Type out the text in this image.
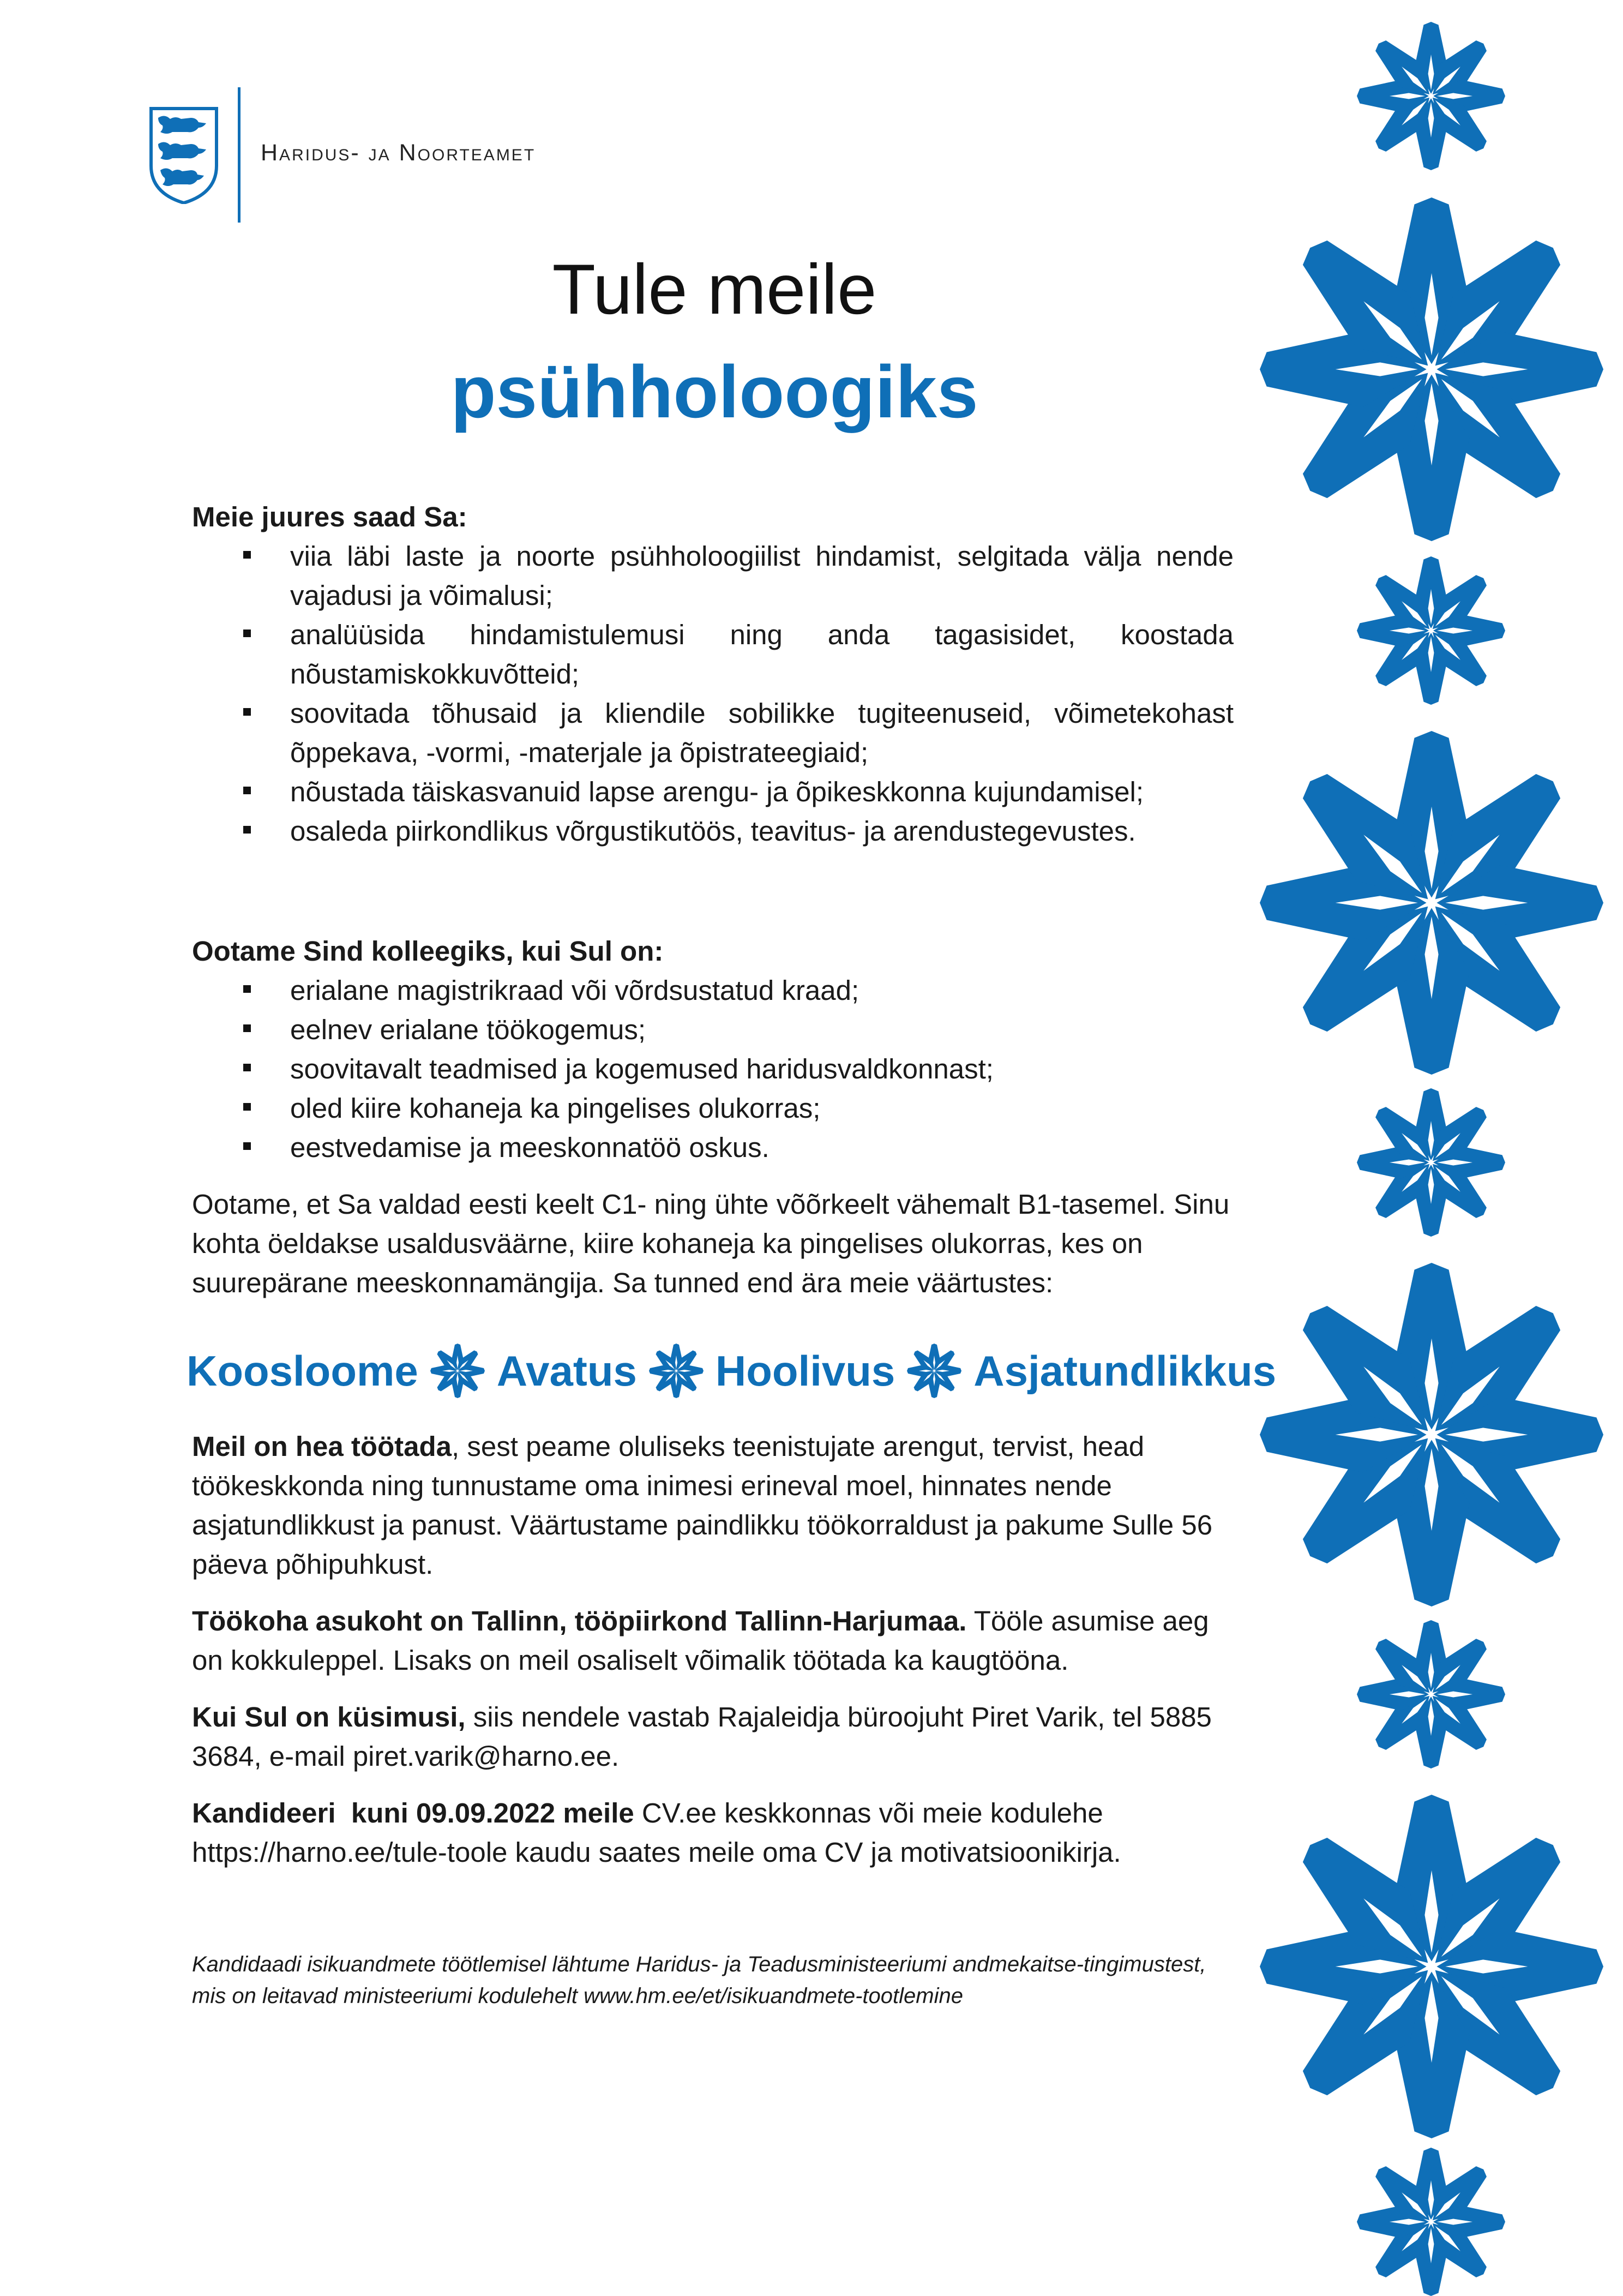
Haridus- ja Noorteamet
Tule meile
psühholoogiks

Meie juures saad Sa:

viia läbi laste ja noorte psühholoogiilist hindamist, selgitada välja nende vajadusi ja võimalusi;
analüüsida hindamistulemusi ning anda tagasisidet, koostada nõustamiskokkuvõtteid;
soovitada tõhusaid ja kliendile sobilikke tugiteenuseid, võimetekohast õppekava, -vormi, -materjale ja õpistrateegiaid;
nõustada täiskasvanuid lapse arengu- ja õpikeskkonna kujundamisel;
osaleda piirkondlikus võrgustikutöös, teavitus- ja arendustegevustes.

Ootame Sind kolleegiks, kui Sul on:

erialane magistrikraad või võrdsustatud kraad;
eelnev erialane töökogemus;
soovitavalt teadmised ja kogemused haridusvaldkonnast;
oled kiire kohaneja ka pingelises olukorras;
eestvedamise ja meeskonnatöö oskus.

Ootame, et Sa valdad eesti keelt C1- ning ühte võõrkeelt vähemalt B1-tasemel. Sinu kohta öeldakse usaldusväärne, kiire kohaneja ka pingelises olukorras, kes on suurepärane meeskonnamängija. Sa tunned end ära meie väärtustes:

Koosloome Avatus Hoolivus Asjatundlikkus

Meil on hea töötada, sest peame oluliseks teenistujate arengut, tervist, head töökeskkonda ning tunnustame oma inimesi erineval moel, hinnates nende asjatundlikkust ja panust. Väärtustame paindlikku töökorraldust ja pakume Sulle 56 päeva põhipuhkust.

Töökoha asukoht on Tallinn, tööpiirkond Tallinn-Harjumaa. Tööle asumise aeg on kokkuleppel. Lisaks on meil osaliselt võimalik töötada ka kaugtööna.

Kui Sul on küsimusi, siis nendele vastab Rajaleidja büroojuht Piret Varik, tel 5885 3684, e-mail piret.varik@harno.ee.

Kandideeri  kuni 09.09.2022 meile CV.ee keskkonnas või meie kodulehe https://harno.ee/tule-toole kaudu saates meile oma CV ja motivatsioonikirja.

Kandidaadi isikuandmete töötlemisel lähtume Haridus- ja Teadusministeeriumi andmekaitse-tingimustest, mis on leitavad ministeeriumi kodulehelt www.hm.ee/et/isikuandmete-tootlemine
